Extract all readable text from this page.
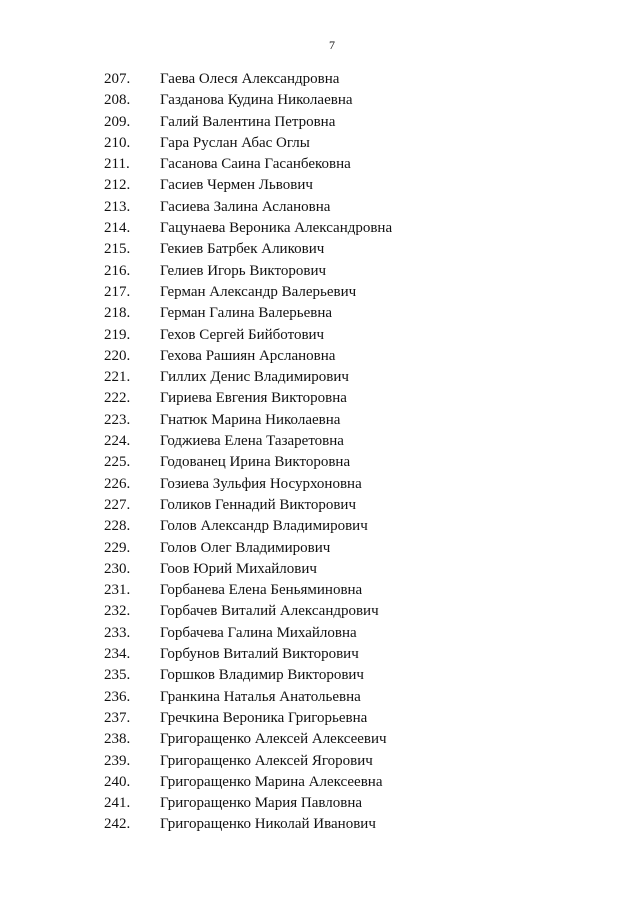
7
207. Гаева Олеся Александровна
208. Газданова Кудина Николаевна
209. Галий Валентина Петровна
210. Гара Руслан Абас Оглы
211. Гасанова Саина Гасанбековна
212. Гасиев Чермен Львович
213. Гасиева Залина Аслановна
214. Гацунаева Вероника Александровна
215. Гекиев Батрбек Аликович
216. Гелиев Игорь Викторович
217. Герман Александр Валерьевич
218. Герман Галина Валерьевна
219. Гехов Сергей Бийботович
220. Гехова Рашиян Арслановна
221. Гиллих Денис Владимирович
222. Гириева Евгения Викторовна
223. Гнатюк Марина Николаевна
224. Годжиева Елена Тазаретовна
225. Годованец Ирина Викторовна
226. Гозиева Зульфия Носурхоновна
227. Голиков Геннадий Викторович
228. Голов Александр Владимирович
229. Голов Олег Владимирович
230. Гоов Юрий Михайлович
231. Горбанева Елена Беньяминовна
232. Горбачев Виталий Александрович
233. Горбачева Галина Михайловна
234. Горбунов Виталий Викторович
235. Горшков Владимир Викторович
236. Гранкина Наталья Анатольевна
237. Гречкина Вероника Григорьевна
238. Григоращенко Алексей Алексеевич
239. Григоращенко Алексей Ягорович
240. Григоращенко Марина Алексеевна
241. Григоращенко Мария Павловна
242. Григоращенко Николай Иванович
